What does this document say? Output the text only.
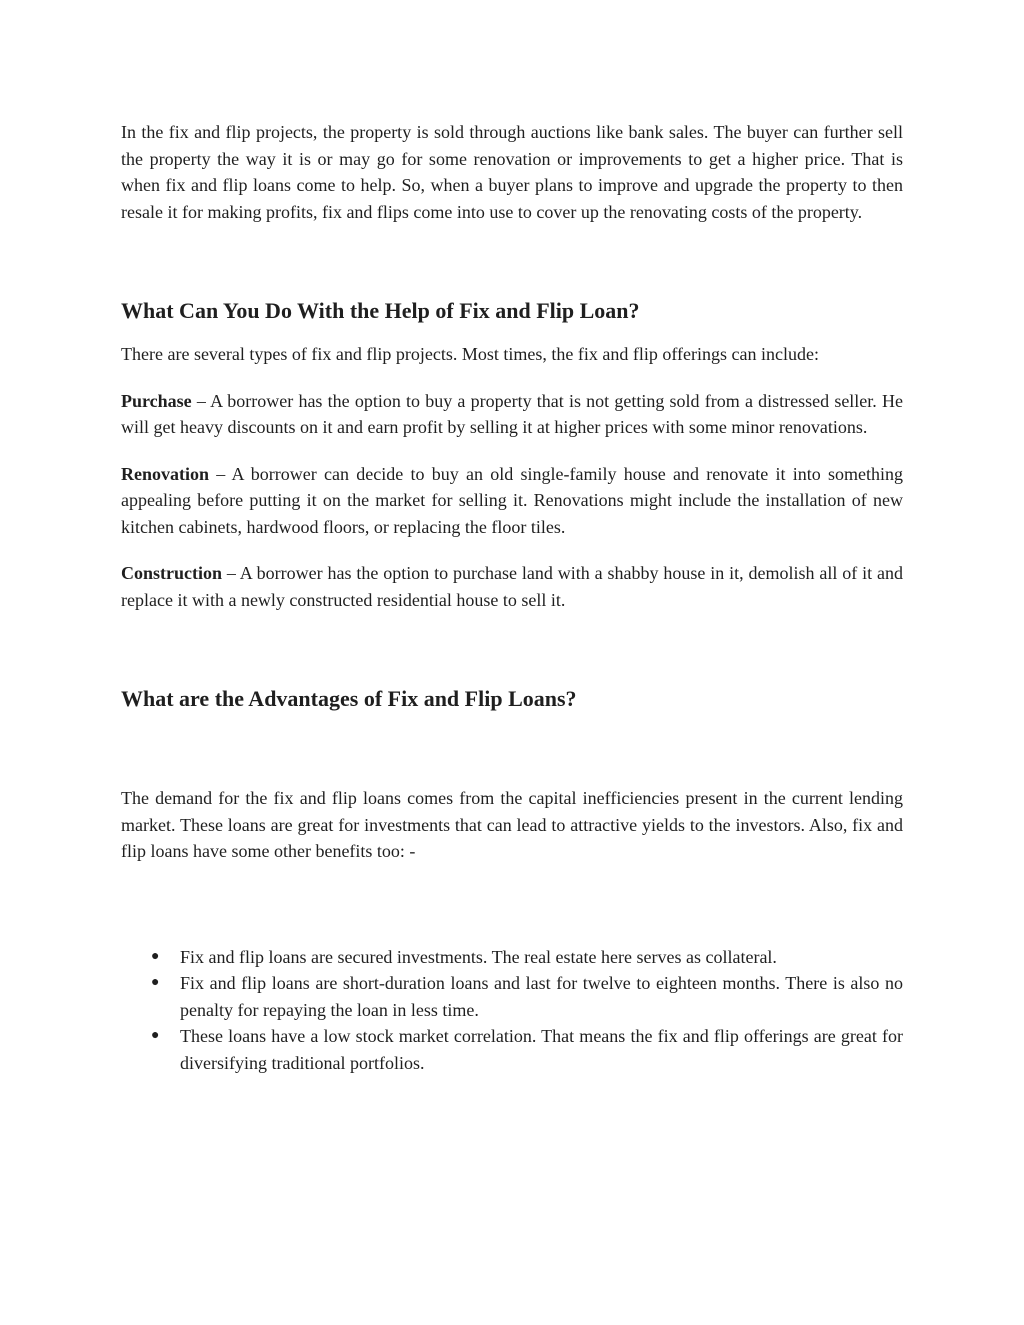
In the fix and flip projects, the property is sold through auctions like bank sales. The buyer can further sell the property the way it is or may go for some renovation or improvements to get a higher price. That is when fix and flip loans come to help. So, when a buyer plans to improve and upgrade the property to then resale it for making profits, fix and flips come into use to cover up the renovating costs of the property.

What Can You Do With the Help of Fix and Flip Loan?

There are several types of fix and flip projects. Most times, the fix and flip offerings can include:

Purchase – A borrower has the option to buy a property that is not getting sold from a distressed seller. He will get heavy discounts on it and earn profit by selling it at higher prices with some minor renovations.

Renovation – A borrower can decide to buy an old single-family house and renovate it into something appealing before putting it on the market for selling it. Renovations might include the installation of new kitchen cabinets, hardwood floors, or replacing the floor tiles.

Construction – A borrower has the option to purchase land with a shabby house in it, demolish all of it and replace it with a newly constructed residential house to sell it.

What are the Advantages of Fix and Flip Loans?

The demand for the fix and flip loans comes from the capital inefficiencies present in the current lending market. These loans are great for investments that can lead to attractive yields to the investors. Also, fix and flip loans have some other benefits too: -

● Fix and flip loans are secured investments. The real estate here serves as collateral.
● Fix and flip loans are short-duration loans and last for twelve to eighteen months. There is also no penalty for repaying the loan in less time.
● These loans have a low stock market correlation. That means the fix and flip offerings are great for diversifying traditional portfolios.
